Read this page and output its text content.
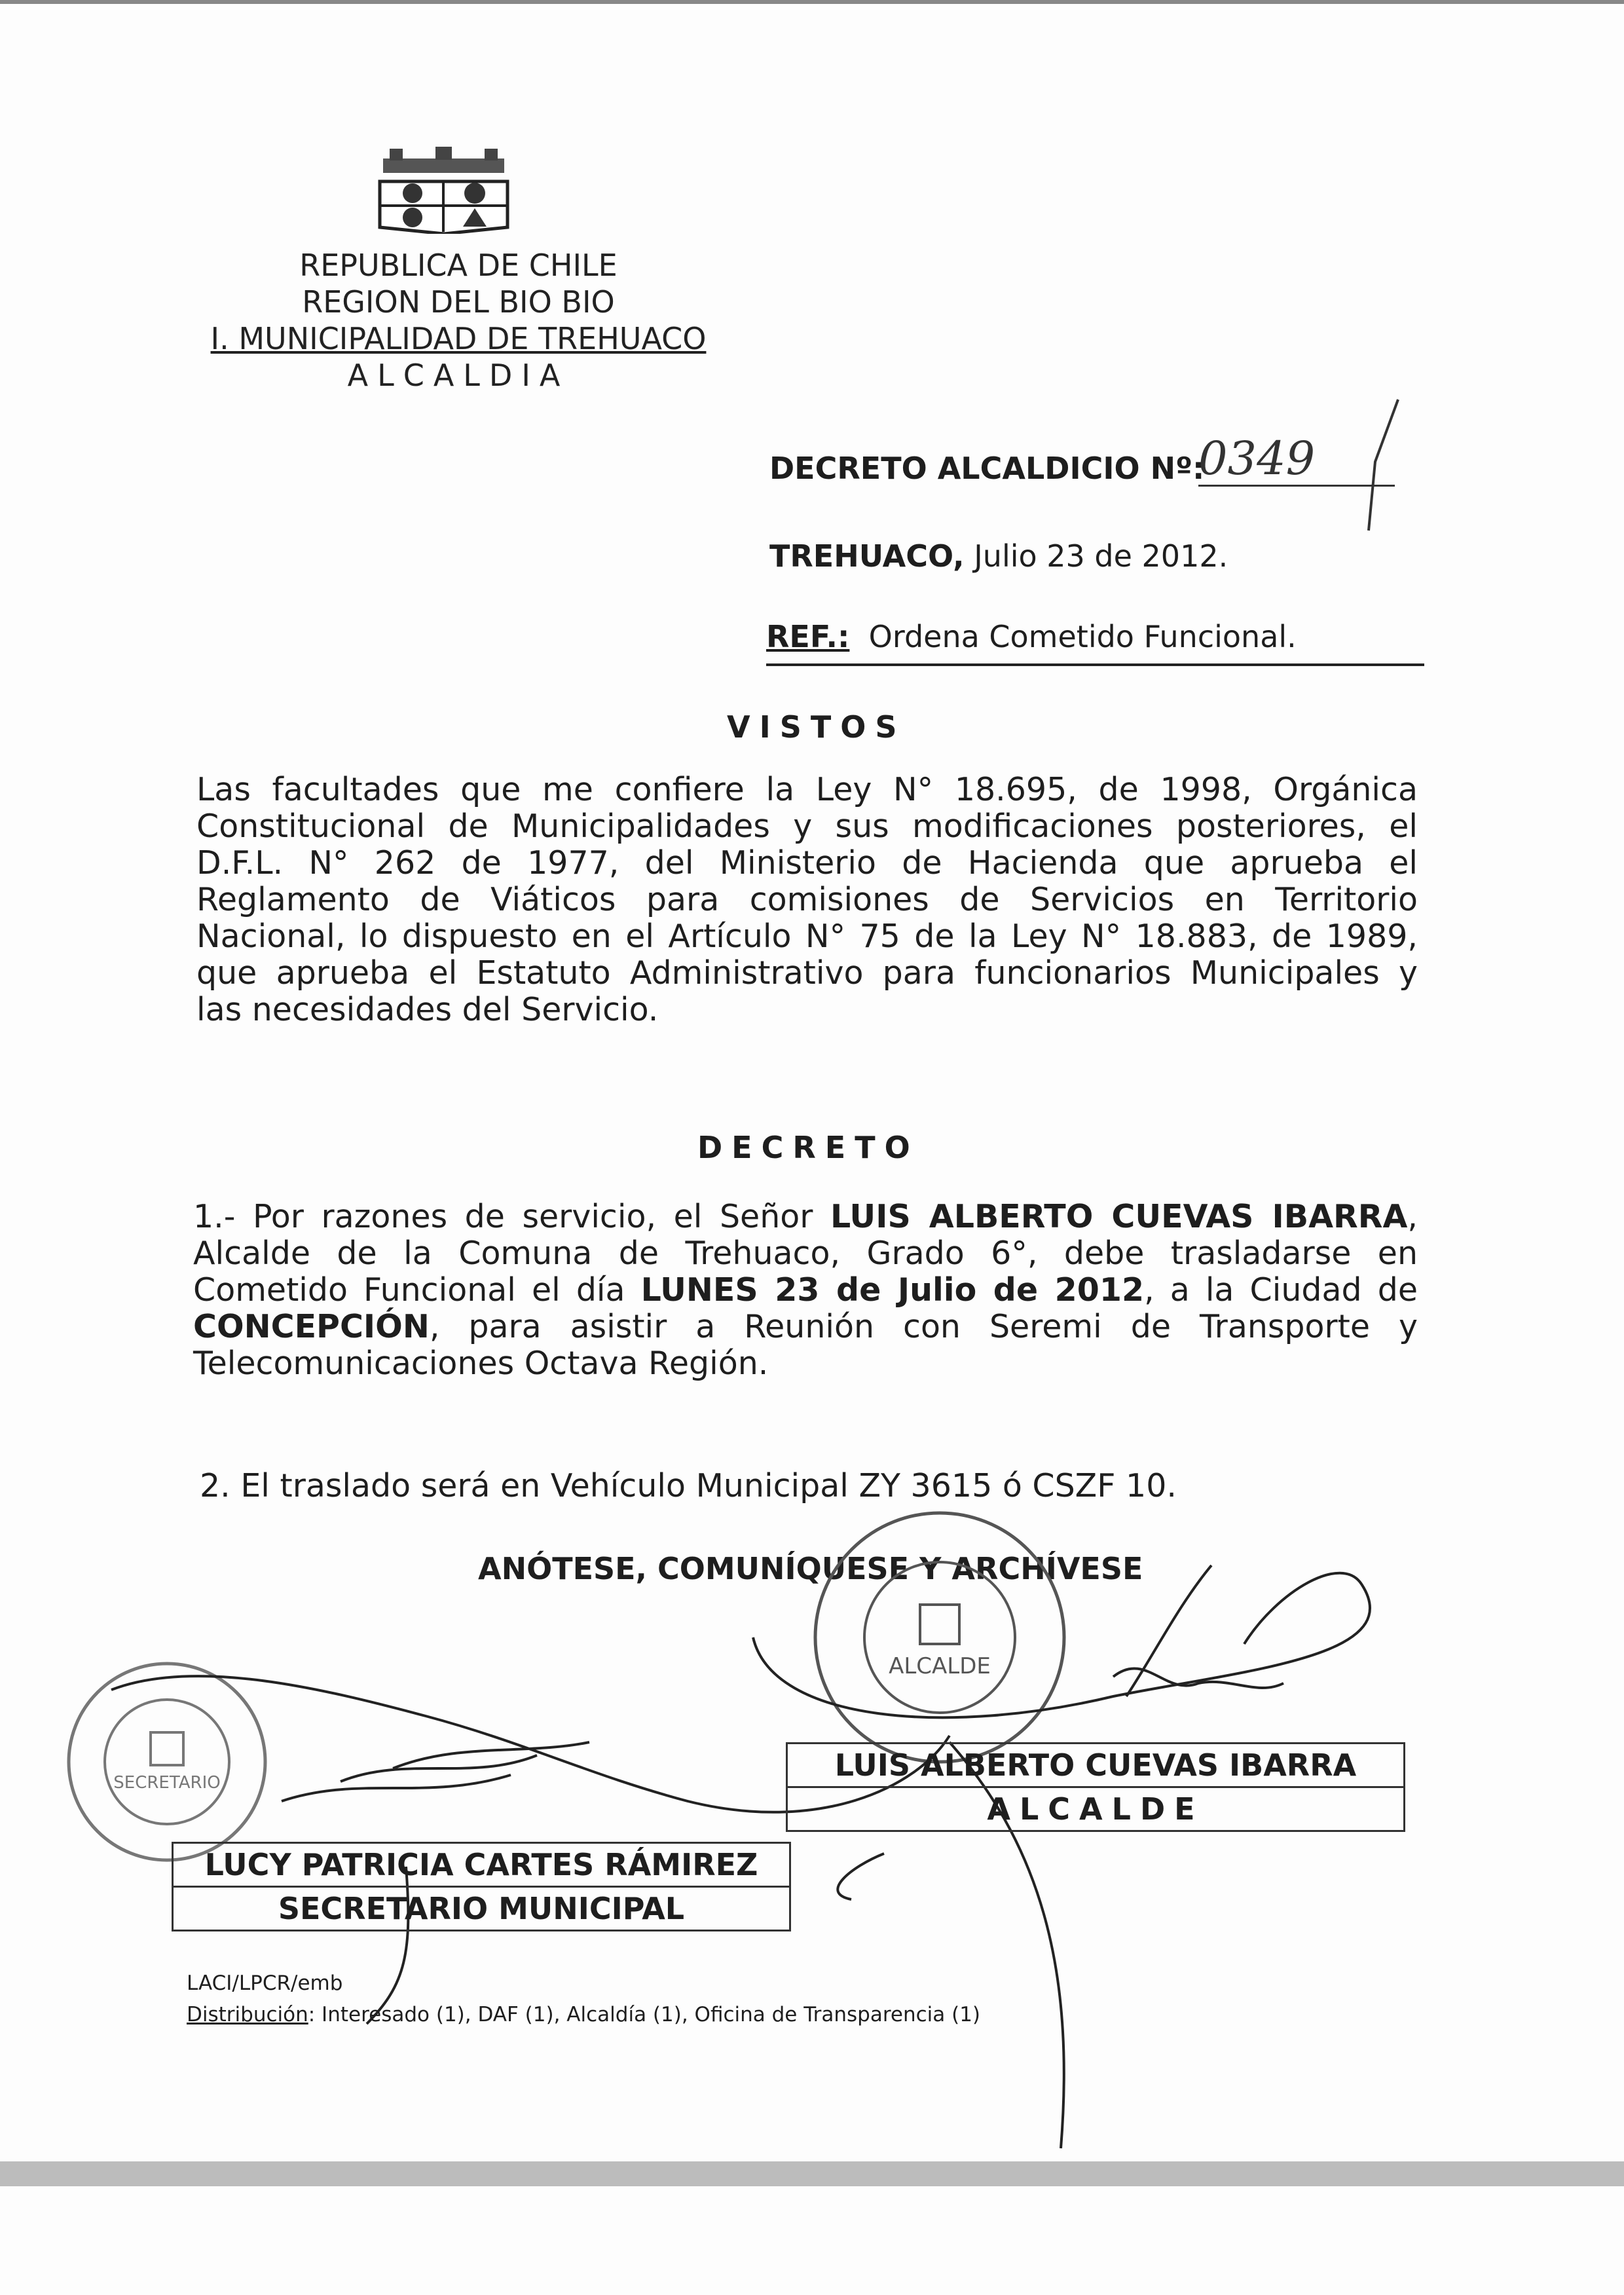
REPUBLICA DE CHILE
REGION DEL BIO BIO
I. MUNICIPALIDAD DE TREHUACO
ALCALDIA
DECRETO ALCALDICIO Nº:
0349
TREHUACO, Julio 23 de 2012.
REF.: Ordena Cometido Funcional.
VISTOS
Las facultades que me confiere la Ley N° 18.695, de 1998, Orgánica
Constitucional de Municipalidades y sus modificaciones posteriores, el
D.F.L. N° 262 de 1977, del Ministerio de Hacienda que aprueba el
Reglamento de Viáticos para comisiones de Servicios en Territorio
Nacional, lo dispuesto en el Artículo N° 75 de la Ley N° 18.883, de 1989,
que aprueba el Estatuto Administrativo para funcionarios Municipales y
las necesidades del Servicio.
DECRETO
1.- Por razones de servicio, el Señor LUIS ALBERTO CUEVAS IBARRA,
Alcalde de la Comuna de Trehuaco, Grado 6°, debe trasladarse en
Cometido Funcional el día LUNES 23 de Julio de 2012, a la Ciudad de
CONCEPCIÓN, para asistir a Reunión con Seremi de Transporte y
Telecomunicaciones Octava Región.
2. El traslado será en Vehículo Municipal ZY 3615 ó CSZF 10.
ANÓTESE, COMUNÍQUESE Y ARCHÍVESE
ALCALDE
SECRETARIO	LUIS ALBERTO CUEVAS IBARRA
ALCALDE
LUCY PATRICIA CARTES RÁMIREZ
SECRETARIO MUNICIPAL
LACI/LPCR/emb
Distribución: Interesado (1), DAF (1), Alcaldía (1), Oficina de Transparencia (1)
